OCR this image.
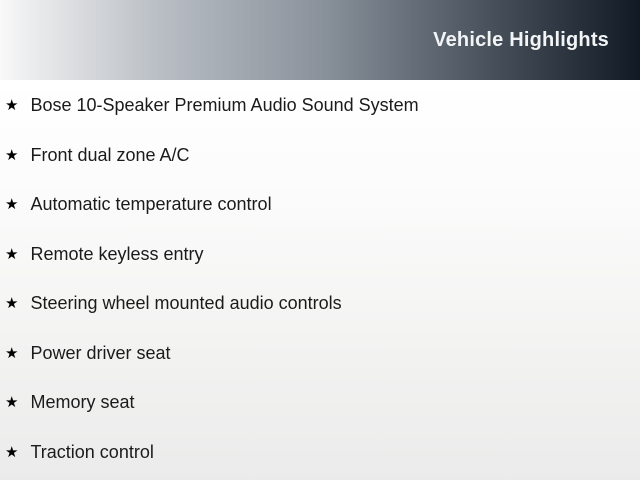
Vehicle Highlights
★ Bose 10-Speaker Premium Audio Sound System
★ Front dual zone A/C
★ Automatic temperature control
★ Remote keyless entry
★ Steering wheel mounted audio controls
★ Power driver seat
★ Memory seat
★ Traction control
